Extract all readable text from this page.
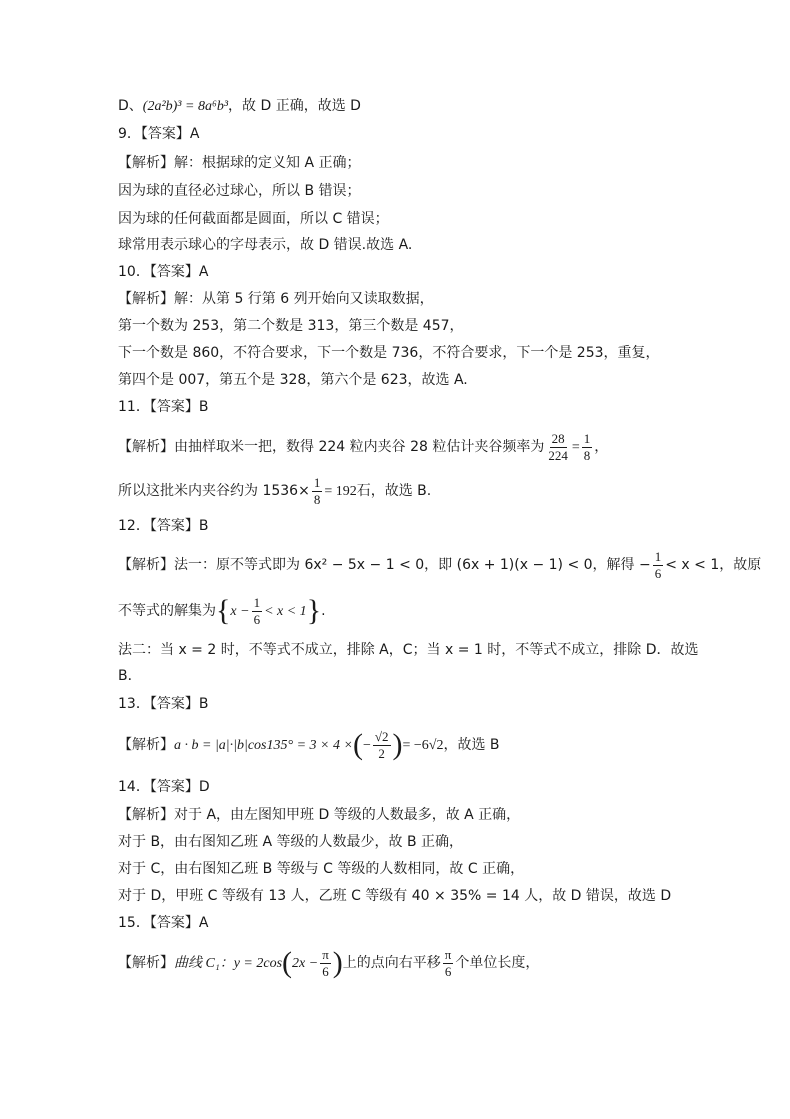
D、(2a²b)³ = 8a⁶b³，故 D 正确，故选 D
9．【答案】A
【解析】解：根据球的定义知 A 正确；
因为球的直径必过球心，所以 B 错误；
因为球的任何截面都是圆面，所以 C 错误；
球常用表示球心的字母表示，故 D 错误.故选 A.
10．【答案】A
【解析】解：从第 5 行第 6 列开始向又读取数据，
第一个数为 253，第二个数是 313，第三个数是 457，
下一个数是 860，不符合要求，下一个数是 736，不符合要求，下一个是 253，重复，
第四个是 007，第五个是 328，第六个是 623，故选 A.
11．【答案】B
【解析】由抽样取米一把，数得 224 粒内夹谷 28 粒估计夹谷频率为 $\frac{28}{224} = \frac{1}{8}$ ，
所以这批米内夹谷约为 $1536\times \frac{1}{8} = 192$石，故选 B.
12．【答案】B
【解析】法一：原不等式即为 6x² − 5x − 1 < 0，即 (6x + 1)(x − 1) < 0，解得 − $\frac{1}{6} < x < 1$，故原
不等式的解集为$\{x - \frac{1}{6} < x < 1\}$.
法二：当 x = 2 时，不等式不成立，排除 A，C；当 x = 1 时，不等式不成立，排除 D．故选
B．
13．【答案】B
【解析】a · b = |a|·|b|cos135° = 3 × 4 ×(− $\frac{√2}{2}$ )= −6√2，故选 B
14．【答案】D
【解析】对于 A，由左图知甲班 D 等级的人数最多，故 A 正确，
对于 B，由右图知乙班 A 等级的人数最少，故 B 正确，
对于 C，由右图知乙班 B 等级与 C 等级的人数相同，故 C 正确，
对于 D，甲班 C 等级有 13 人，乙班 C 等级有 40 × 35% = 14 人，故 D 错误，故选 D
15．【答案】A
【解析】曲线 C₁：$y = 2\cos(2x - \frac{\pi}{6}$ )上的点向右平移 $\frac{\pi}{6}$ 个单位长度，
